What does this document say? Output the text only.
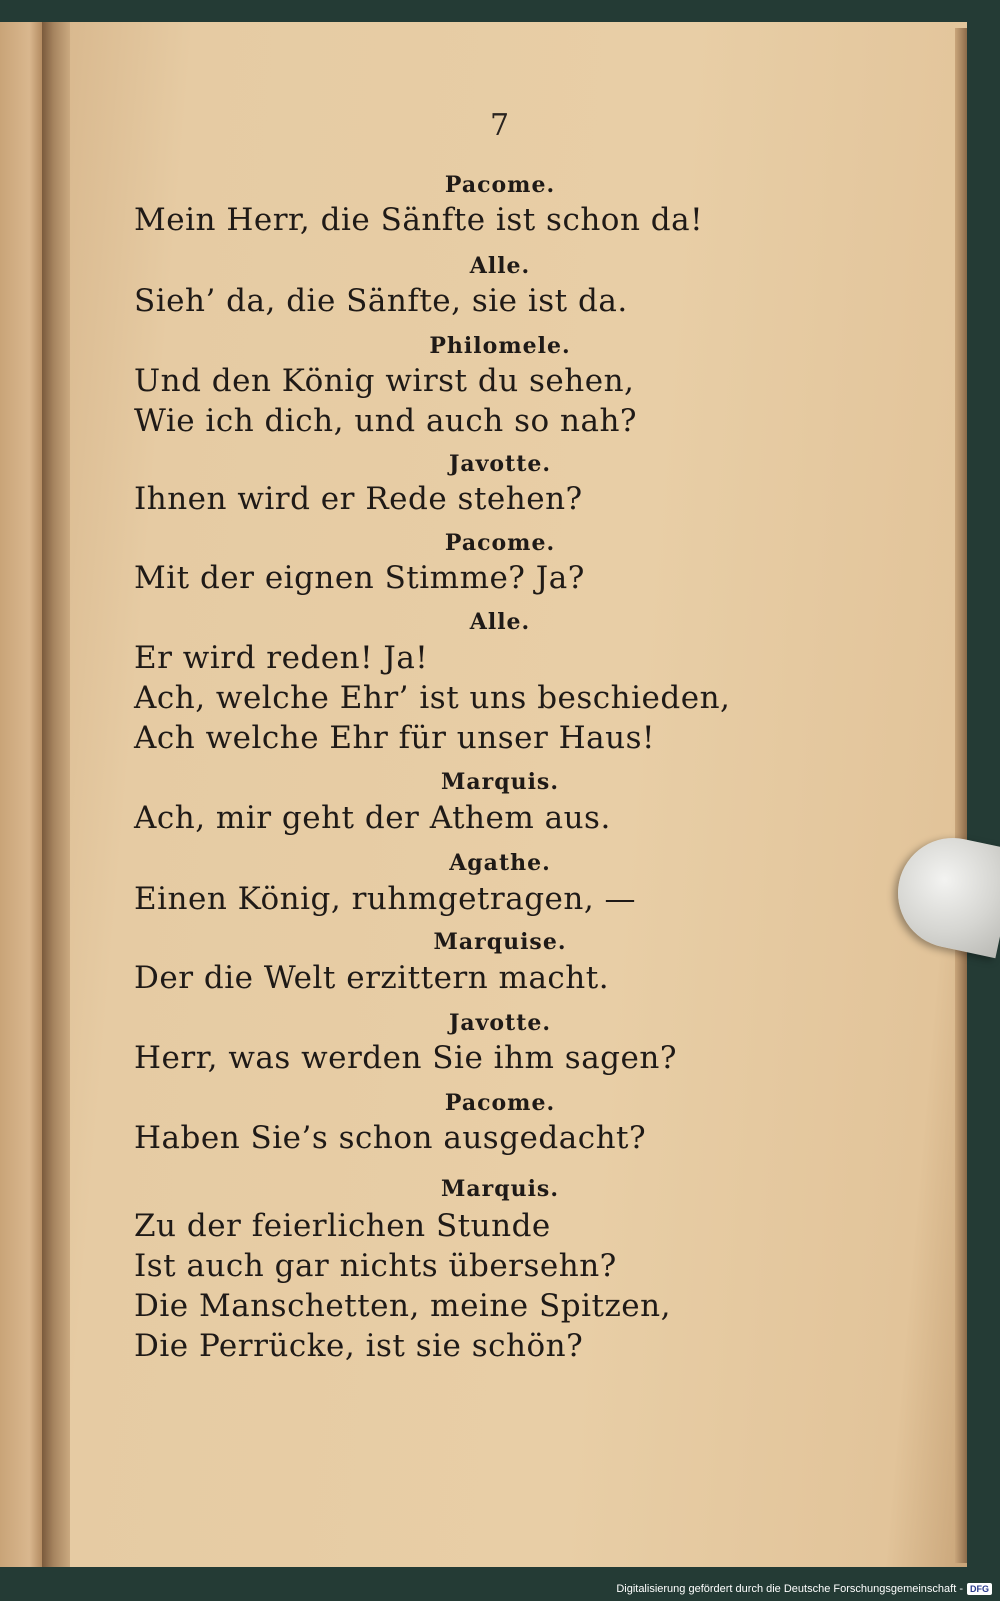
7
Pacome.
Mein Herr, die Sänfte ist schon da!
Alle.
Sieh’ da, die Sänfte, sie ist da.
Philomele.
Und den König wirst du sehen,
Wie ich dich, und auch so nah?
Javotte.
Ihnen wird er Rede stehen?
Pacome.
Mit der eignen Stimme? Ja?
Alle.
Er wird reden! Ja!
Ach, welche Ehr’ ist uns beschieden,
Ach welche Ehr für unser Haus!
Marquis.
Ach, mir geht der Athem aus.
Agathe.
Einen König, ruhmgetragen, —
Marquise.
Der die Welt erzittern macht.
Javotte.
Herr, was werden Sie ihm sagen?
Pacome.
Haben Sie’s schon ausgedacht?
Marquis.
Zu der feierlichen Stunde
Ist auch gar nichts übersehn?
Die Manschetten, meine Spitzen,
Die Perrücke, ist sie schön?
Digitalisierung gefördert durch die Deutsche Forschungsgemeinschaft - DFG
